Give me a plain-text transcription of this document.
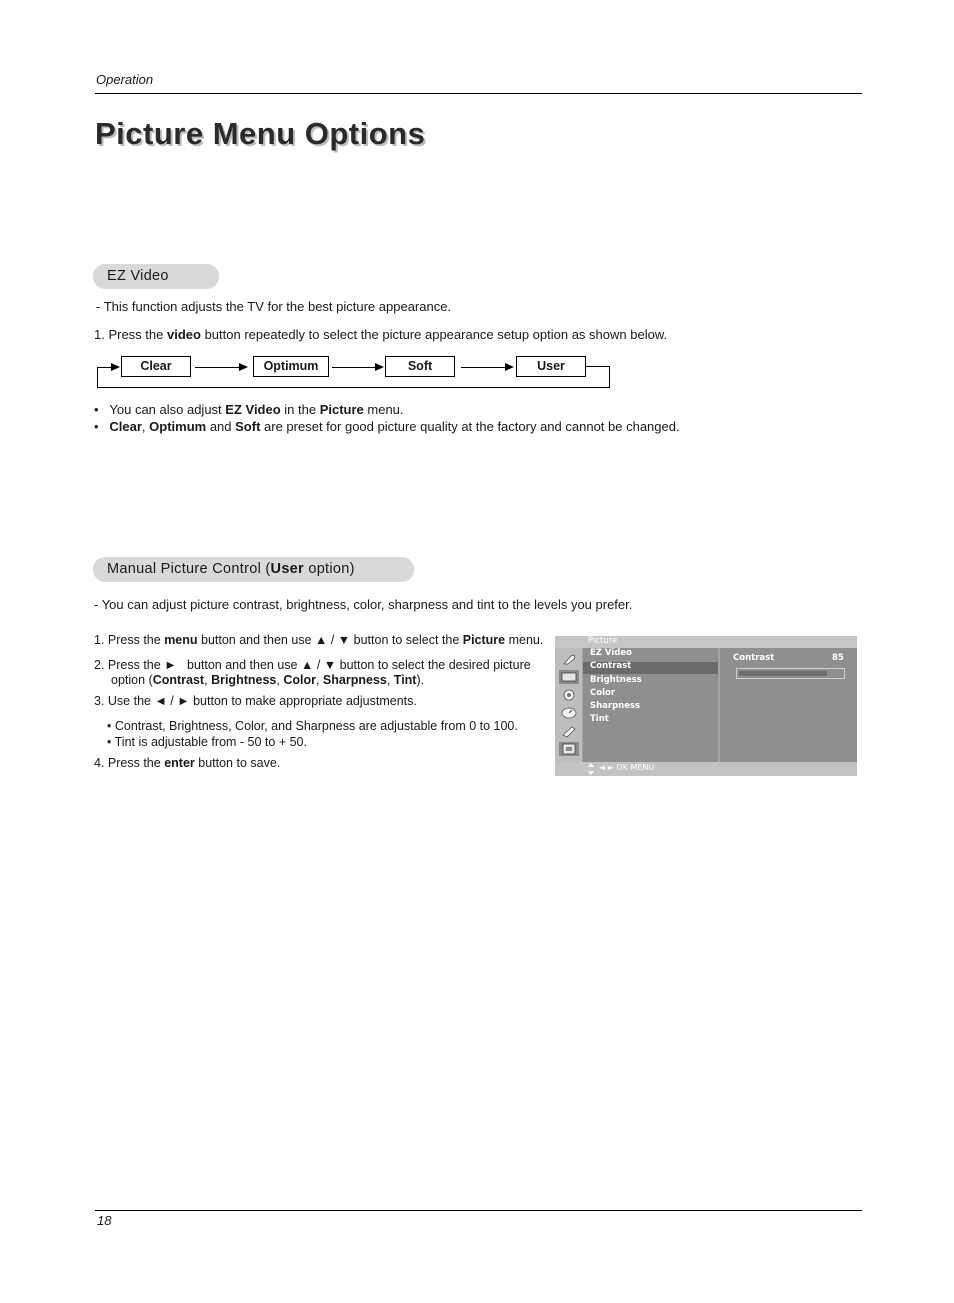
Operation
Picture Menu Options
EZ Video
- This function adjusts the TV for the best picture appearance.
1. Press the video button repeatedly to select the picture appearance setup option as shown below.
Clear	Optimum	Soft	User
•   You can also adjust EZ Video in the Picture menu.
•   Clear, Optimum and Soft are preset for good picture quality at the factory and cannot be changed.
Manual Picture Control (User option)
- You can adjust picture contrast, brightness, color, sharpness and tint to the levels you prefer.
1. Press the menu button and then use ▲ / ▼ button to select the Picture menu.
2. Press the ►   button and then use ▲ / ▼ button to select the desired picture
option (Contrast, Brightness, Color, Sharpness, Tint).
3. Use the ◄ / ► button to make appropriate adjustments.
• Contrast, Brightness, Color, and Sharpness are adjustable from 0 to 100.
• Tint is adjustable from - 50 to + 50.
4. Press the enter button to save.
Picture
EZ Video
Contrast
Brightness
Color
Sharpness
Tint
Contrast	85
◄ ► OK MENU
18
